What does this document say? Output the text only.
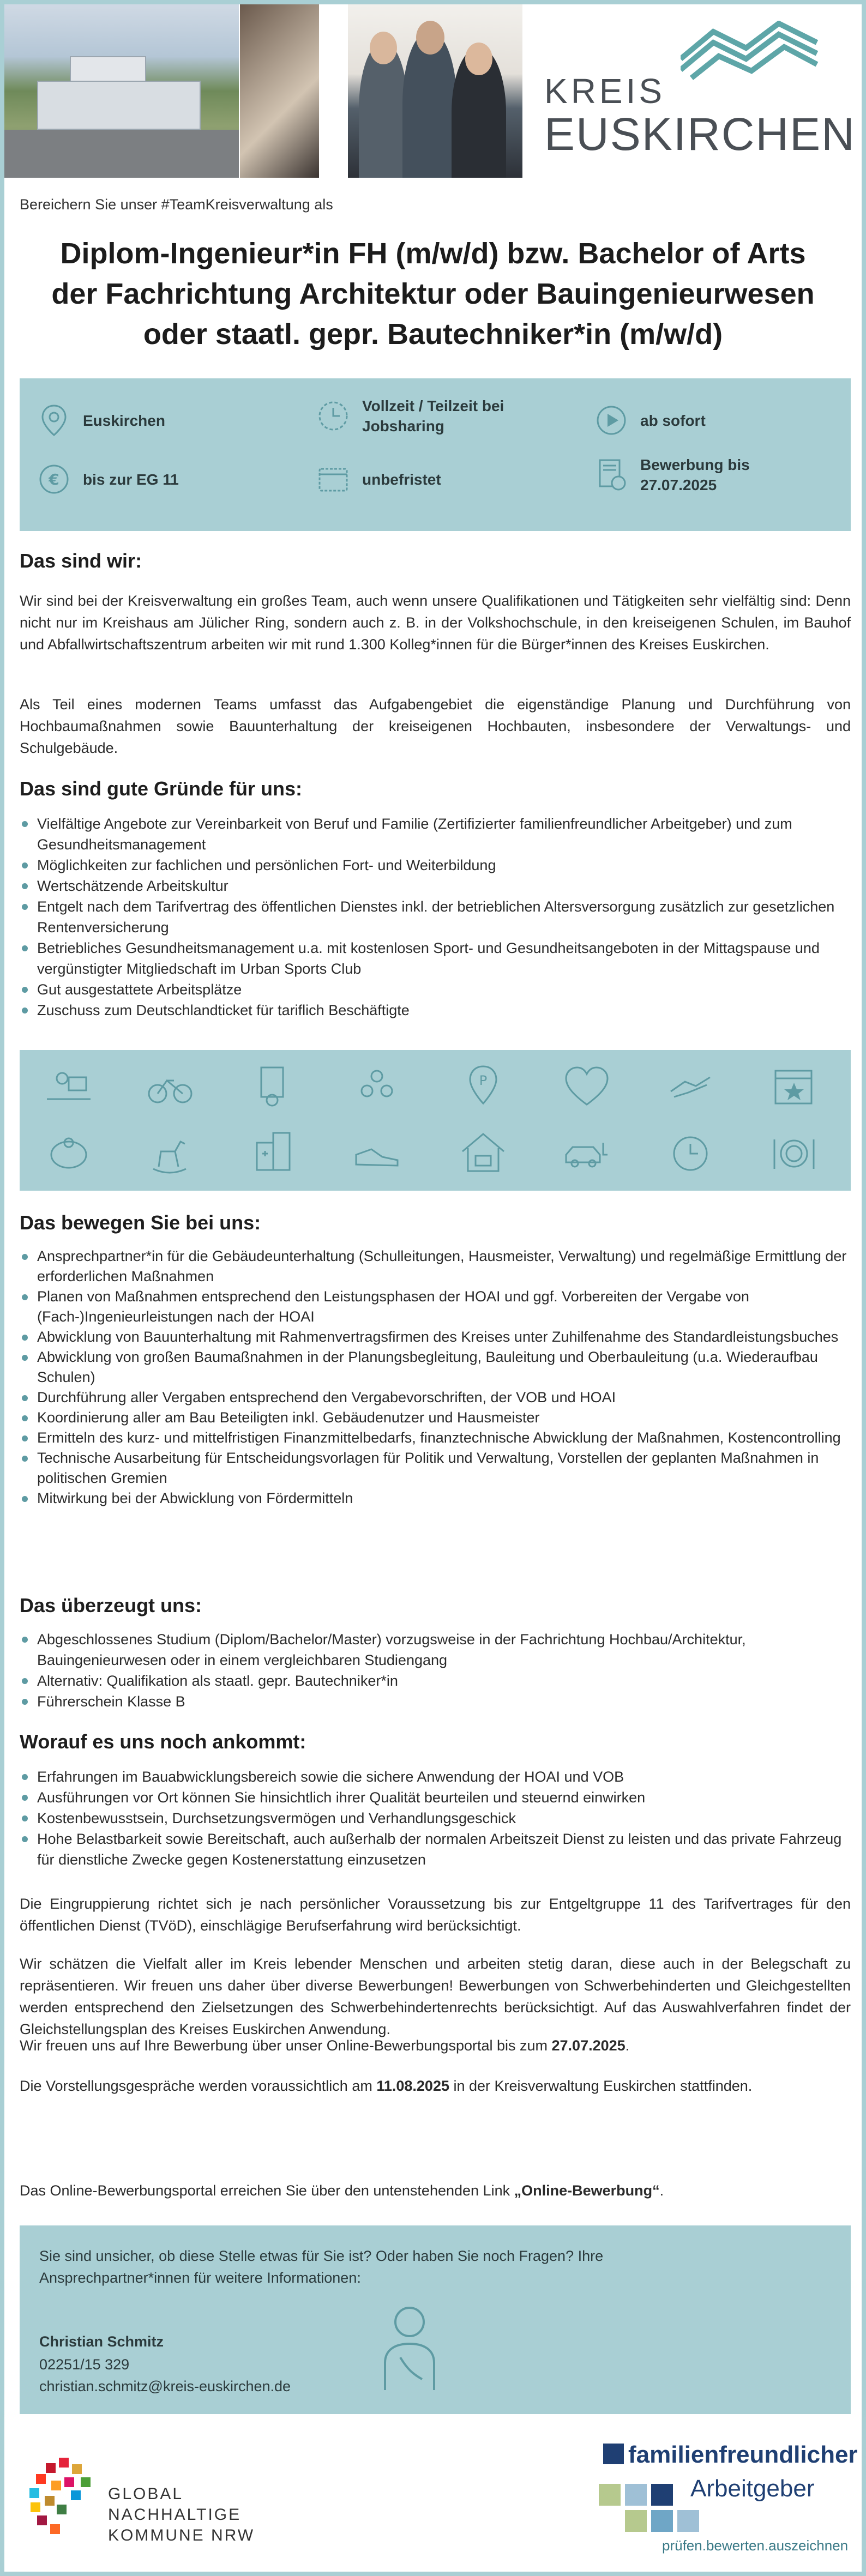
KREIS
EUSKIRCHEN
Bereichern Sie unser #TeamKreisverwaltung als
Diplom-Ingenieur*in FH (m/w/d) bzw. Bachelor of Arts
der Fachrichtung Architektur oder Bauingenieurwesen
oder staatl. gepr. Bautechniker*in (m/w/d)
Euskirchen
Vollzeit / Teilzeit bei Jobsharing	ab sofort
€ bis zur EG 11	unbefristet
Bewerbung bis 27.07.2025
Das sind wir:
Wir sind bei der Kreisverwaltung ein großes Team, auch wenn unsere Qualifikationen und Tätigkeiten sehr vielfältig sind: Denn nicht nur im Kreishaus am Jülicher Ring, sondern auch z. B. in der Volkshochschule, in den kreiseigenen Schulen, im Bauhof und Abfallwirtschaftszentrum arbeiten wir mit rund 1.300 Kolleg*innen für die Bürger*innen des Kreises Euskirchen.
Als Teil eines modernen Teams umfasst das Aufgabengebiet die eigenständige Planung und Durchführung von Hochbaumaßnahmen sowie Bauunterhaltung der kreiseigenen Hochbauten, insbesondere der Verwaltungs- und Schulgebäude.
Das sind gute Gründe für uns:
Vielfältige Angebote zur Vereinbarkeit von Beruf und Familie (Zertifizierter familienfreundlicher Arbeitgeber) und zum Gesundheitsmanagement
Möglichkeiten zur fachlichen und persönlichen Fort- und Weiterbildung
Wertschätzende Arbeitskultur
Entgelt nach dem Tarifvertrag des öffentlichen Dienstes inkl. der betrieblichen Altersversorgung zusätzlich zur gesetzlichen Rentenversicherung
Betriebliches Gesundheitsmanagement u.a. mit kostenlosen Sport- und Gesundheitsangeboten in der Mittagspause und vergünstigter Mitgliedschaft im Urban Sports Club
Gut ausgestattete Arbeitsplätze
Zuschuss zum Deutschlandticket für tariflich Beschäftigte
P
Das bewegen Sie bei uns:
Ansprechpartner*in für die Gebäudeunterhaltung (Schulleitungen, Hausmeister, Verwaltung) und regelmäßige Ermittlung der erforderlichen Maßnahmen
Planen von Maßnahmen entsprechend den Leistungsphasen der HOAI und ggf. Vorbereiten der Vergabe von (Fach-)Ingenieurleistungen nach der HOAI
Abwicklung von Bauunterhaltung mit Rahmenvertragsfirmen des Kreises unter Zuhilfenahme des Standardleistungsbuches
Abwicklung von großen Baumaßnahmen in der Planungsbegleitung, Bauleitung und Oberbauleitung (u.a. Wiederaufbau Schulen)
Durchführung aller Vergaben entsprechend den Vergabevorschriften, der VOB und HOAI
Koordinierung aller am Bau Beteiligten inkl. Gebäudenutzer und Hausmeister
Ermitteln des kurz- und mittelfristigen Finanzmittelbedarfs, finanztechnische Abwicklung der Maßnahmen, Kostencontrolling
Technische Ausarbeitung für Entscheidungsvorlagen für Politik und Verwaltung, Vorstellen der geplanten Maßnahmen in politischen Gremien
Mitwirkung bei der Abwicklung von Fördermitteln
Das überzeugt uns:
Abgeschlossenes Studium (Diplom/Bachelor/Master) vorzugsweise in der Fachrichtung Hochbau/Architektur, Bauingenieurwesen oder in einem vergleichbaren Studiengang
Alternativ: Qualifikation als staatl. gepr. Bautechniker*in
Führerschein Klasse B
Worauf es uns noch ankommt:
Erfahrungen im Bauabwicklungsbereich sowie die sichere Anwendung der HOAI und VOB
Ausführungen vor Ort können Sie hinsichtlich ihrer Qualität beurteilen und steuernd einwirken
Kostenbewusstsein, Durchsetzungsvermögen und Verhandlungsgeschick
Hohe Belastbarkeit sowie Bereitschaft, auch außerhalb der normalen Arbeitszeit Dienst zu leisten und das private Fahrzeug für dienstliche Zwecke gegen Kostenerstattung einzusetzen
Die Eingruppierung richtet sich je nach persönlicher Voraussetzung bis zur Entgeltgruppe 11 des Tarifvertrages für den öffentlichen Dienst (TVöD), einschlägige Berufserfahrung wird berücksichtigt.
Wir schätzen die Vielfalt aller im Kreis lebender Menschen und arbeiten stetig daran, diese auch in der Belegschaft zu repräsentieren. Wir freuen uns daher über diverse Bewerbungen! Bewerbungen von Schwerbehinderten und Gleichgestellten werden entsprechend den Zielsetzungen des Schwerbehindertenrechts berücksichtigt. Auf das Auswahlverfahren findet der Gleichstellungsplan des Kreises Euskirchen Anwendung.
Wir freuen uns auf Ihre Bewerbung über unser Online-Bewerbungsportal bis zum 27.07.2025.
Die Vorstellungsgespräche werden voraussichtlich am 11.08.2025 in der Kreisverwaltung Euskirchen stattfinden.
Das Online-Bewerbungsportal erreichen Sie über den untenstehenden Link „Online-Bewerbung“.
Sie sind unsicher, ob diese Stelle etwas für Sie ist? Oder haben Sie noch Fragen? Ihre Ansprechpartner*innen für weitere Informationen:
Christian Schmitz
02251/15 329
christian.schmitz@kreis-euskirchen.de
GLOBAL
NACHHALTIGE
KOMMUNE NRW
familienfreundlicher
Arbeitgeber
prüfen.bewerten.auszeichnen
